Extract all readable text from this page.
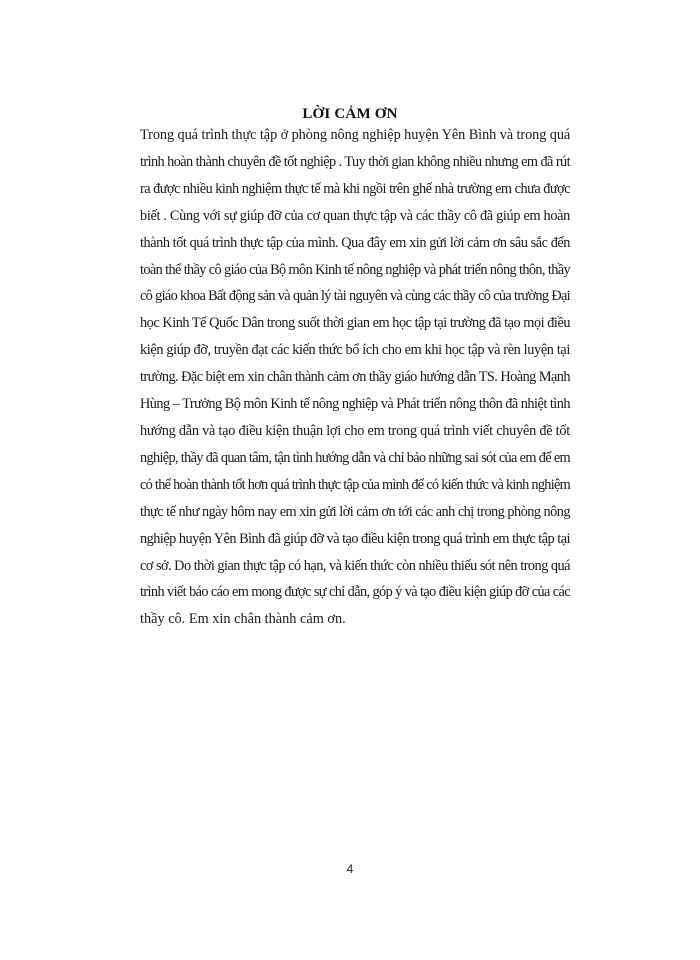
LỜI CẢM ƠN
Trong quá trình thực tập ở phòng nông nghiệp huyện Yên Bình và trong quá
trình hoàn thành chuyên đề tốt nghiệp . Tuy thời gian không nhiều nhưng em đã rút
ra được nhiều kinh nghiệm thực tế mà khi ngồi trên ghế nhà trường em chưa được
biết . Cùng với sự giúp đỡ của cơ quan thực tập và các thầy cô đã giúp em hoàn
thành tốt quá trình thực tập của mình. Qua đây em xin gửi lời cảm ơn sâu sắc đến
toàn thể thầy cô giáo của Bộ môn Kinh tế nông nghiệp và phát triển nông thôn, thầy
cô giáo khoa Bất động sản và quản lý tài nguyên và cùng các thầy cô của trường Đại
học Kinh Tế Quốc Dân trong suốt thời gian em học tập tại trường đã tạo mọi điều
kiện giúp đỡ, truyền đạt các kiến thức bổ ích cho em khi học tập và rèn luyện tại
trường. Đặc biệt em xin chân thành cảm ơn thầy giáo hướng dẫn TS. Hoàng Mạnh
Hùng – Trưởng Bộ môn Kinh tế nông nghiệp và Phát triển nông thôn đã nhiệt tình
hướng dẫn và tạo điều kiện thuận lợi cho em trong quá trình viết chuyên đề tốt
nghiệp, thầy đã quan tâm, tận tình hướng dẫn và chỉ bảo những sai sót của em để em
có thể hoàn thành tốt hơn quá trình thực tập của mình để có kiến thức và kinh nghiệm
thực tế như ngày hôm nay em xin gửi lời cảm ơn tới các anh chị trong phòng nông
nghiệp huyện Yên Bình đã giúp đỡ và tạo điều kiện trong quá trình em thực tập tại
cơ sở. Do thời gian thực tập có hạn, và kiến thức còn nhiều thiếu sót nên trong quá
trình viết báo cáo em mong được sự chỉ dẫn, góp ý và tạo điều kiện giúp đỡ của các
thầy cô. Em xin chân thành cảm ơn.
4
